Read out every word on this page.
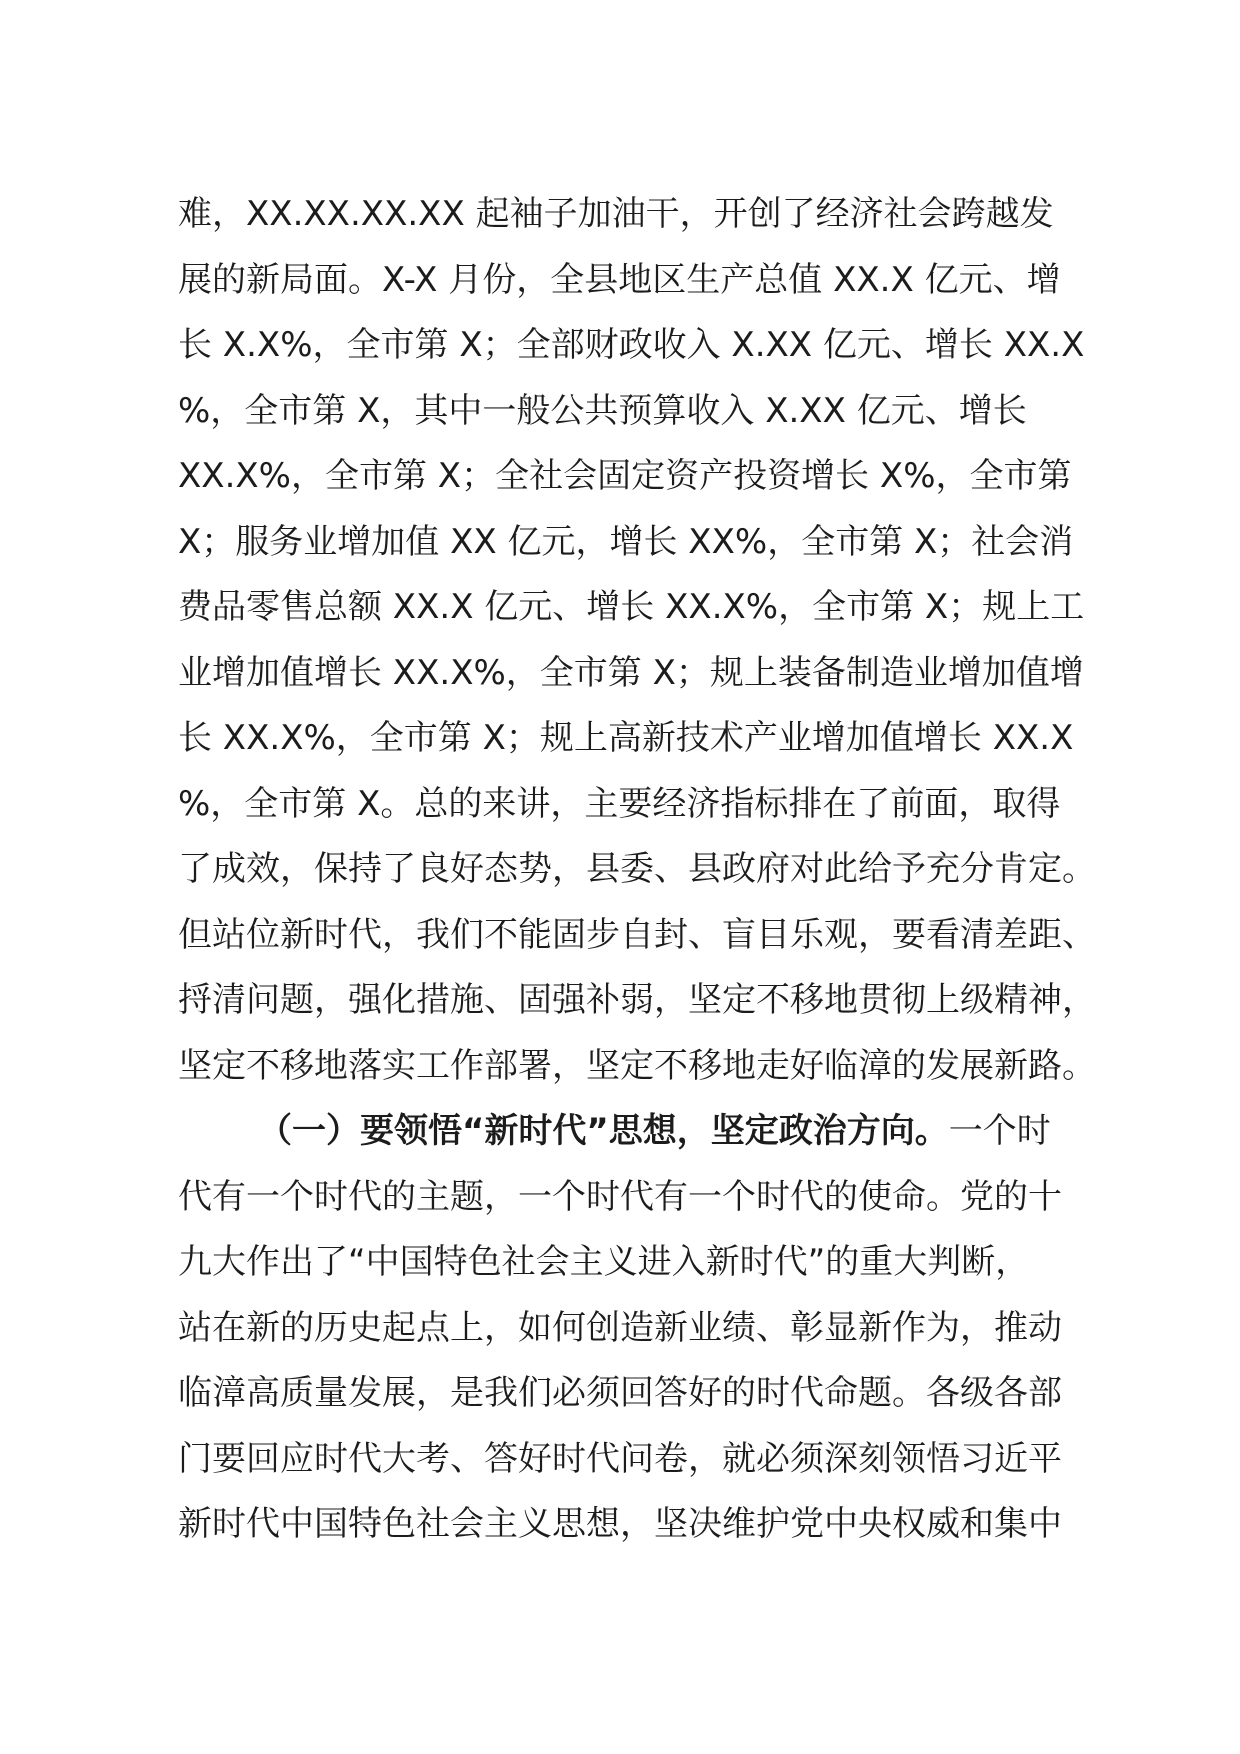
难，XX.XX.XX.XX 起袖子加油干，开创了经济社会跨越发
展的新局面。X-X 月份，全县地区生产总值 XX.X 亿元、增
长 X.X%，全市第 X；全部财政收入 X.XX 亿元、增长 XX.X
%，全市第 X，其中一般公共预算收入 X.XX 亿元、增长
XX.X%，全市第 X；全社会固定资产投资增长 X%，全市第
X；服务业增加值 XX 亿元，增长 XX%，全市第 X；社会消
费品零售总额 XX.X 亿元、增长 XX.X%，全市第 X；规上工
业增加值增长 XX.X%，全市第 X；规上装备制造业增加值增
长 XX.X%，全市第 X；规上高新技术产业增加值增长 XX.X
%，全市第 X。总的来讲，主要经济指标排在了前面，取得
了成效，保持了良好态势，县委、县政府对此给予充分肯定。
但站位新时代，我们不能固步自封、盲目乐观，要看清差距、
捋清问题，强化措施、固强补弱，坚定不移地贯彻上级精神，
坚定不移地落实工作部署，坚定不移地走好临漳的发展新路。
（一）要领悟“新时代”思想，坚定政治方向。一个时
代有一个时代的主题，一个时代有一个时代的使命。党的十
九大作出了“中国特色社会主义进入新时代”的重大判断，
站在新的历史起点上，如何创造新业绩、彰显新作为，推动
临漳高质量发展，是我们必须回答好的时代命题。各级各部
门要回应时代大考、答好时代问卷，就必须深刻领悟习近平
新时代中国特色社会主义思想，坚决维护党中央权威和集中
